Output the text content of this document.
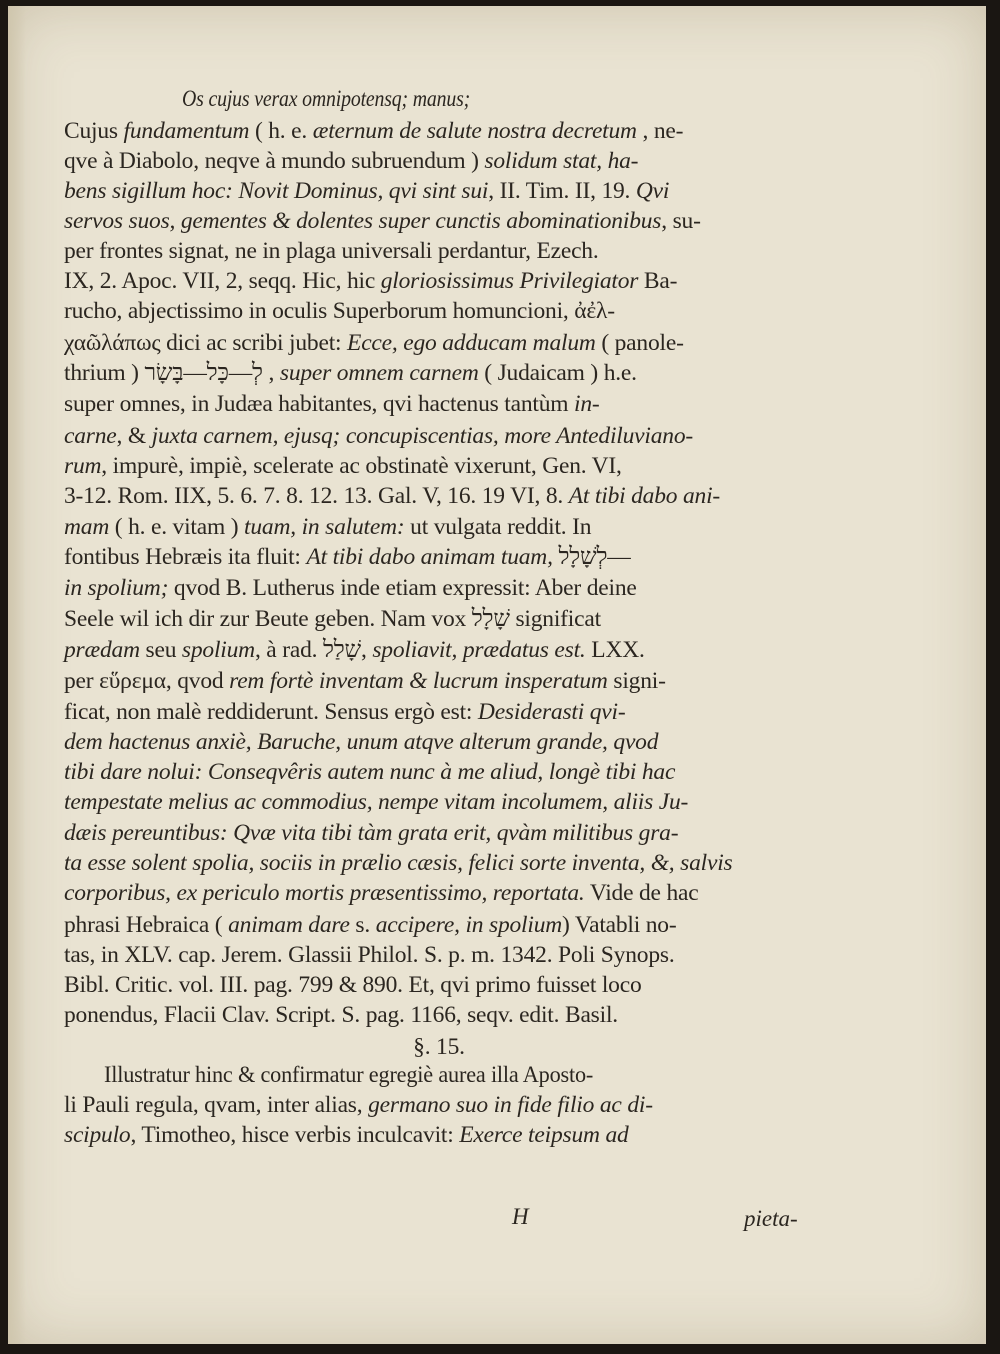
Os cujus verax omnipotensq; manus;
Cujus fundamentum ( h. e. æternum de salute nostra decretum , ne-
qve à Diabolo, neqve à mundo subruendum ) solidum stat, ha-
bens sigillum hoc: Novit Dominus, qvi sint sui, II. Tim. II, 19. Qvi
servos suos, gementes & dolentes super cunctis abominationibus, su-
per frontes signat, ne in plaga universali perdantur, Ezech.
IX, 2. Apoc. VII, 2, seqq. Hic, hic gloriosissimus Privilegiator Ba-
rucho, abjectissimo in oculis Superborum homuncioni, ἀἐλ-
χαῶλάπως dici ac scribi jubet: Ecce, ego adducam malum ( panole-
thrium ) לְ—כָּל—בָּשָׂר , super omnem carnem ( Judaicam ) h.e.
super omnes, in Judæa habitantes, qvi hactenus tantùm in-
carne, & juxta carnem, ejusq; concupiscentias, more Antediluviano-
rum, impurè, impiè, scelerate ac obstinatè vixerunt, Gen. VI,
3-12. Rom. IIX, 5. 6. 7. 8. 12. 13. Gal. V, 16. 19 VI, 8. At tibi dabo ani-
mam ( h. e. vitam ) tuam, in salutem: ut vulgata reddit. In
fontibus Hebræis ita fluit: At tibi dabo animam tuam, לְשָׁלָל—
in spolium; qvod B. Lutherus inde etiam expressit: Aber deine
Seele wil ich dir zur Beute geben. Nam vox שָׁלָל significat
prædam seu spolium, à rad. שָׁלַל, spoliavit, prædatus est. LXX.
per εὕρεμα, qvod rem fortè inventam & lucrum insperatum signi-
ficat, non malè reddiderunt. Sensus ergò est: Desiderasti qvi-
dem hactenus anxiè, Baruche, unum atqve alterum grande, qvod
tibi dare nolui: Conseqvêris autem nunc à me aliud, longè tibi hac
tempestate melius ac commodius, nempe vitam incolumem, aliis Ju-
dæis pereuntibus: Qvæ vita tibi tàm grata erit, qvàm militibus gra-
ta esse solent spolia, sociis in prælio cæsis, felici sorte inventa, &, salvis
corporibus, ex periculo mortis præsentissimo, reportata. Vide de hac
phrasi Hebraica ( animam dare s. accipere, in spolium) Vatabli no-
tas, in XLV. cap. Jerem. Glassii Philol. S. p. m. 1342. Poli Synops.
Bibl. Critic. vol. III. pag. 799 & 890. Et, qvi primo fuisset loco
ponendus, Flacii Clav. Script. S. pag. 1166, seqv. edit. Basil.
§. 15.
Illustratur hinc & confirmatur egregiè aurea illa Aposto-
li Pauli regula, qvam, inter alias, germano suo in fide filio ac di-
scipulo, Timotheo, hisce verbis inculcavit: Exerce teipsum ad
H	pieta-
